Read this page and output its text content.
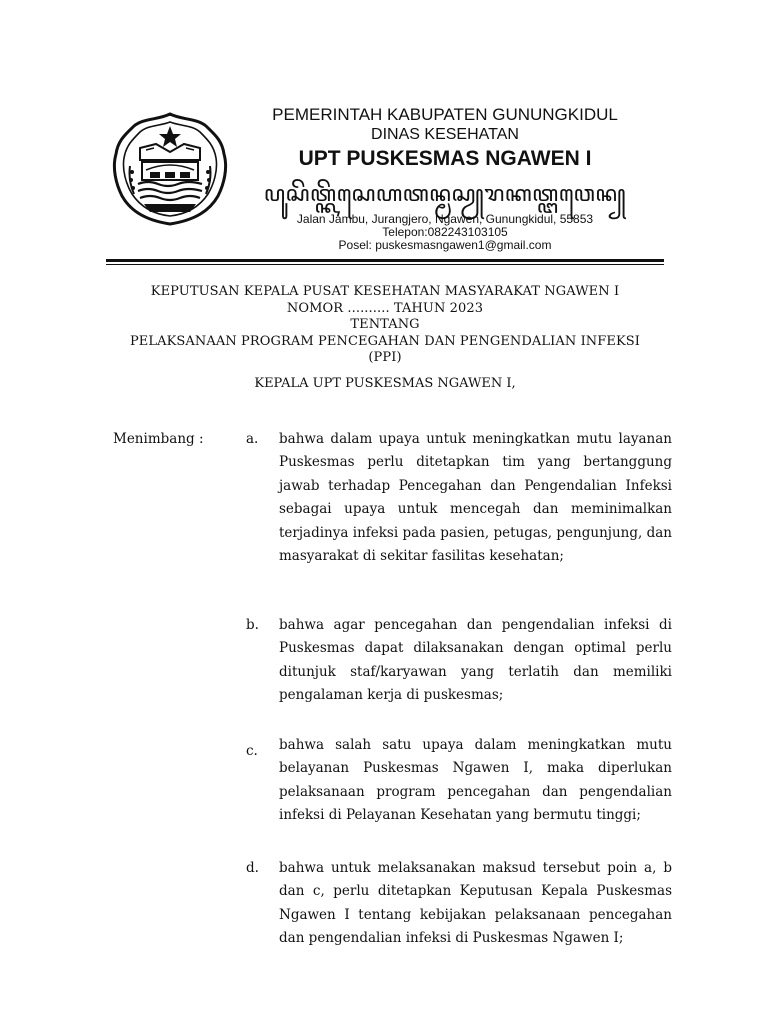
PEMERINTAH KABUPATEN GUNUNGKIDUL
DINAS KESEHATAN
UPT PUSKESMAS NGAWEN I
ꦥꦸꦱꦼꦠ꧀ꦏꦼꦱꦺꦲꦠꦤ꧀ꦩꦱꦾꦫꦏꦠ꧀ꦔꦮꦺꦤ꧀
Jalan Jambu, Jurangjero, Ngawen, Gunungkidul, 55853
Telepon:082243103105
Posel: puskesmasngawen1@gmail.com
KEPUTUSAN KEPALA PUSAT KESEHATAN MASYARAKAT NGAWEN I
NOMOR .......... TAHUN 2023
TENTANG
PELAKSANAAN PROGRAM PENCEGAHAN DAN PENGENDALIAN INFEKSI
(PPI)
KEPALA UPT PUSKESMAS NGAWEN I,
Menimbang :	a. bahwa dalam upaya untuk meningkatkan mutu layanan Puskesmas perlu ditetapkan tim yang bertanggung jawab terhadap Pencegahan dan Pengendalian Infeksi sebagai upaya untuk mencegah dan meminimalkan terjadinya infeksi pada pasien, petugas, pengunjung, dan masyarakat di sekitar fasilitas kesehatan;
b. bahwa agar pencegahan dan pengendalian infeksi di Puskesmas dapat dilaksanakan dengan optimal perlu ditunjuk staf/karyawan yang terlatih dan memiliki pengalaman kerja di puskesmas;
c. bahwa salah satu upaya dalam meningkatkan mutu belayanan Puskesmas Ngawen I, maka diperlukan pelaksanaan program pencegahan dan pengendalian infeksi di Pelayanan Kesehatan yang bermutu tinggi;
d. bahwa untuk melaksanakan maksud tersebut poin a, b dan c, perlu ditetapkan Keputusan Kepala Puskesmas Ngawen I tentang kebijakan pelaksanaan pencegahan dan pengendalian infeksi di Puskesmas Ngawen I;
